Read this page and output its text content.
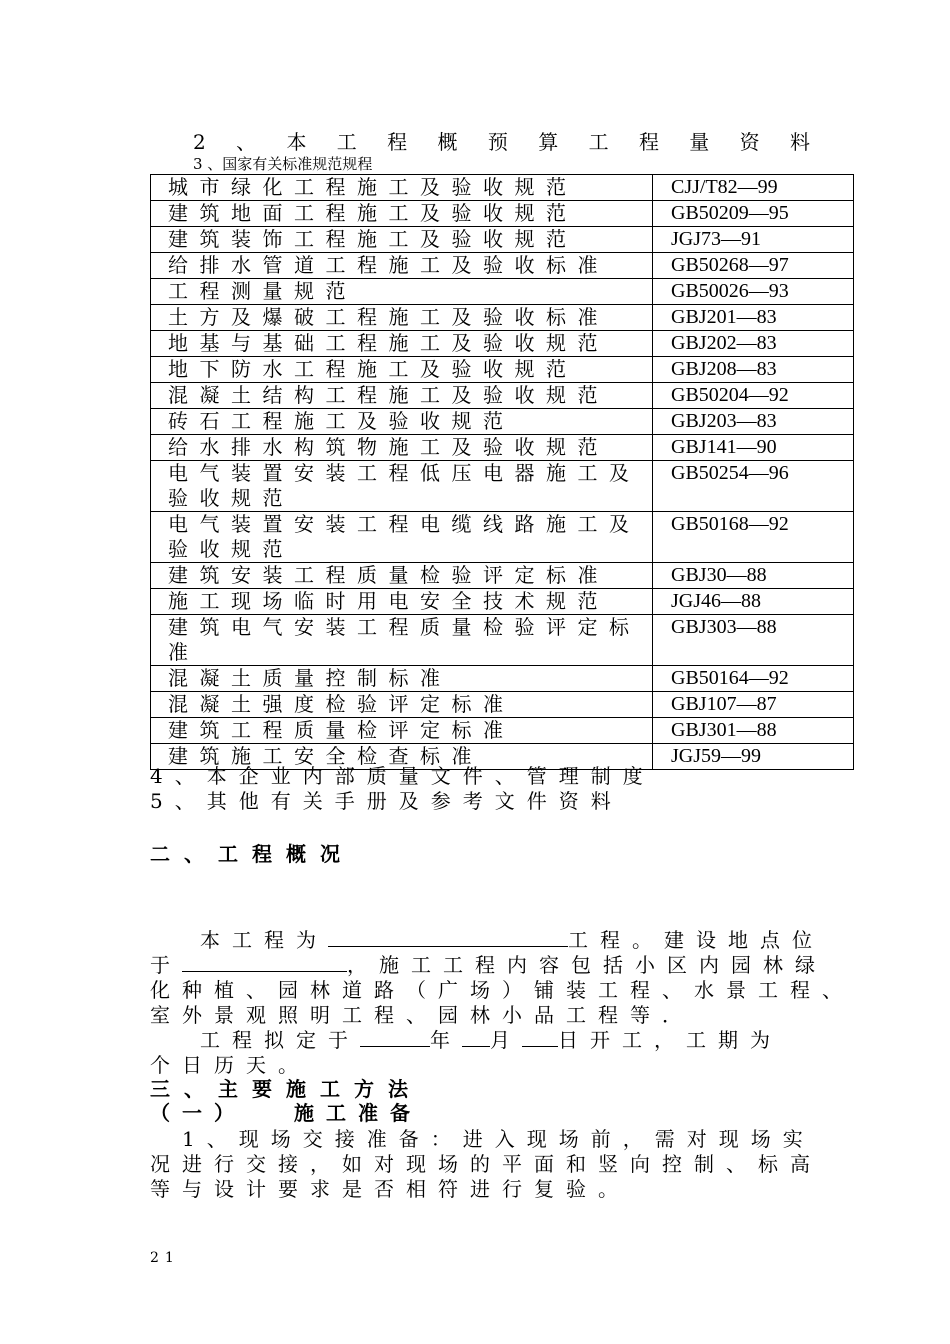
2 、 本 工 程 概 预 算 工 程 量 资 料
3 、国家有关标准规范规程
城市绿化工程施工及验收规范	CJJ/T82—99
建筑地面工程施工及验收规范	GB50209—95
建筑装饰工程施工及验收规范	JGJ73—91
给排水管道工程施工及验收标准	GB50268—97
工程测量规范	GB50026—93
土方及爆破工程施工及验收标准	GBJ201—83
地基与基础工程施工及验收规范	GBJ202—83
地下防水工程施工及验收规范	GBJ208—83
混凝土结构工程施工及验收规范	GB50204—92
砖石工程施工及验收规范	GBJ203—83
给水排水构筑物施工及验收规范	GBJ141—90
电气装置安装工程低压电器施工及验收规范	GB50254—96
电气装置安装工程电缆线路施工及验收规范	GB50168—92
建筑安装工程质量检验评定标准	GBJ30—88
施工现场临时用电安全技术规范	JGJ46—88
建筑电气安装工程质量检验评定标准	GBJ303—88
混凝土质量控制标准	GB50164—92
混凝土强度检验评定标准	GBJ107—87
建筑工程质量检评定标准	GBJ301—88
建筑施工安全检查标准	JGJ59—99
4、本企业内部质量文件、管理制度
5、其他有关手册及参考文件资料
二、工程概况
本工程为	工程。建设地点位
于	，施工工程内容包括小区内园林绿
化种植、园林道路（广场）铺装工程、水景工程、
室外景观照明工程、园林小品工程等．
工程拟定于	年 月 日开工，工期为
个日历天。
三、主要施工方法
（一） 施工准备
1、现场交接准备：进入现场前，需对现场实
况进行交接，如对现场的平面和竖向控制、标高
等与设计要求是否相符进行复验。
21
